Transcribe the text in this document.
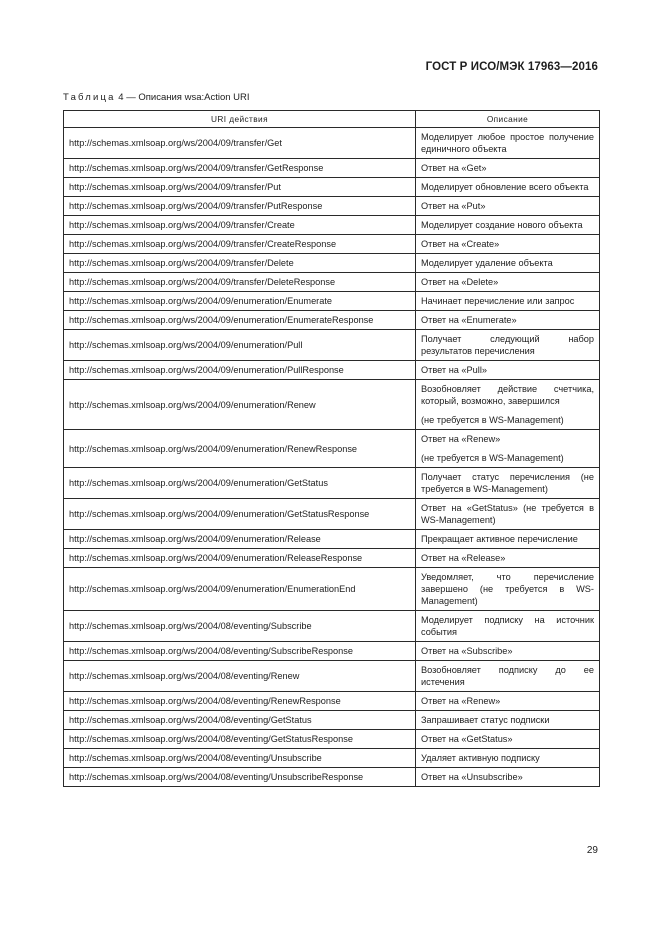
ГОСТ Р ИСО/МЭК 17963—2016
Таблица 4 — Описания wsa:Action URI
URI действия	Описание
http://schemas.xmlsoap.org/ws/2004/09/transfer/Get	Моделирует любое простое получение единичного объекта

http://schemas.xmlsoap.org/ws/2004/09/transfer/GetResponse	Ответ на «Get»

http://schemas.xmlsoap.org/ws/2004/09/transfer/Put	Моделирует обновление всего объекта

http://schemas.xmlsoap.org/ws/2004/09/transfer/PutResponse	Ответ на «Put»

http://schemas.xmlsoap.org/ws/2004/09/transfer/Create	Моделирует создание нового объекта

http://schemas.xmlsoap.org/ws/2004/09/transfer/CreateResponse	Ответ на «Create»

http://schemas.xmlsoap.org/ws/2004/09/transfer/Delete	Моделирует удаление объекта

http://schemas.xmlsoap.org/ws/2004/09/transfer/DeleteResponse	Ответ на «Delete»

http://schemas.xmlsoap.org/ws/2004/09/enumeration/Enumerate	Начинает перечисление или запрос

http://schemas.xmlsoap.org/ws/2004/09/enumeration/EnumerateResponse	Ответ на «Enumerate»

http://schemas.xmlsoap.org/ws/2004/09/enumeration/Pull	Получает следующий набор результатов перечисления

http://schemas.xmlsoap.org/ws/2004/09/enumeration/PullResponse	Ответ на «Pull»

http://schemas.xmlsoap.org/ws/2004/09/enumeration/Renew	Возобновляет действие счетчика, который, возможно, завершился
(не требуется в WS-Management)

http://schemas.xmlsoap.org/ws/2004/09/enumeration/RenewResponse	Ответ на «Renew»
(не требуется в WS-Management)

http://schemas.xmlsoap.org/ws/2004/09/enumeration/GetStatus	Получает статус перечисления (не требуется в WS-Management)

http://schemas.xmlsoap.org/ws/2004/09/enumeration/GetStatusResponse	Ответ на «GetStatus» (не требуется в WS-Management)

http://schemas.xmlsoap.org/ws/2004/09/enumeration/Release	Прекращает активное перечисление

http://schemas.xmlsoap.org/ws/2004/09/enumeration/ReleaseResponse	Ответ на «Release»

http://schemas.xmlsoap.org/ws/2004/09/enumeration/EnumerationEnd	Уведомляет, что перечисление завершено (не требуется в WS-Management)

http://schemas.xmlsoap.org/ws/2004/08/eventing/Subscribe	Моделирует подписку на источник события

http://schemas.xmlsoap.org/ws/2004/08/eventing/SubscribeResponse	Ответ на «Subscribe»

http://schemas.xmlsoap.org/ws/2004/08/eventing/Renew	Возобновляет подписку до ее истечения

http://schemas.xmlsoap.org/ws/2004/08/eventing/RenewResponse	Ответ на «Renew»

http://schemas.xmlsoap.org/ws/2004/08/eventing/GetStatus	Запрашивает статус подписки

http://schemas.xmlsoap.org/ws/2004/08/eventing/GetStatusResponse	Ответ на «GetStatus»

http://schemas.xmlsoap.org/ws/2004/08/eventing/Unsubscribe	Удаляет активную подписку

http://schemas.xmlsoap.org/ws/2004/08/eventing/UnsubscribeResponse	Ответ на «Unsubscribe»
29
